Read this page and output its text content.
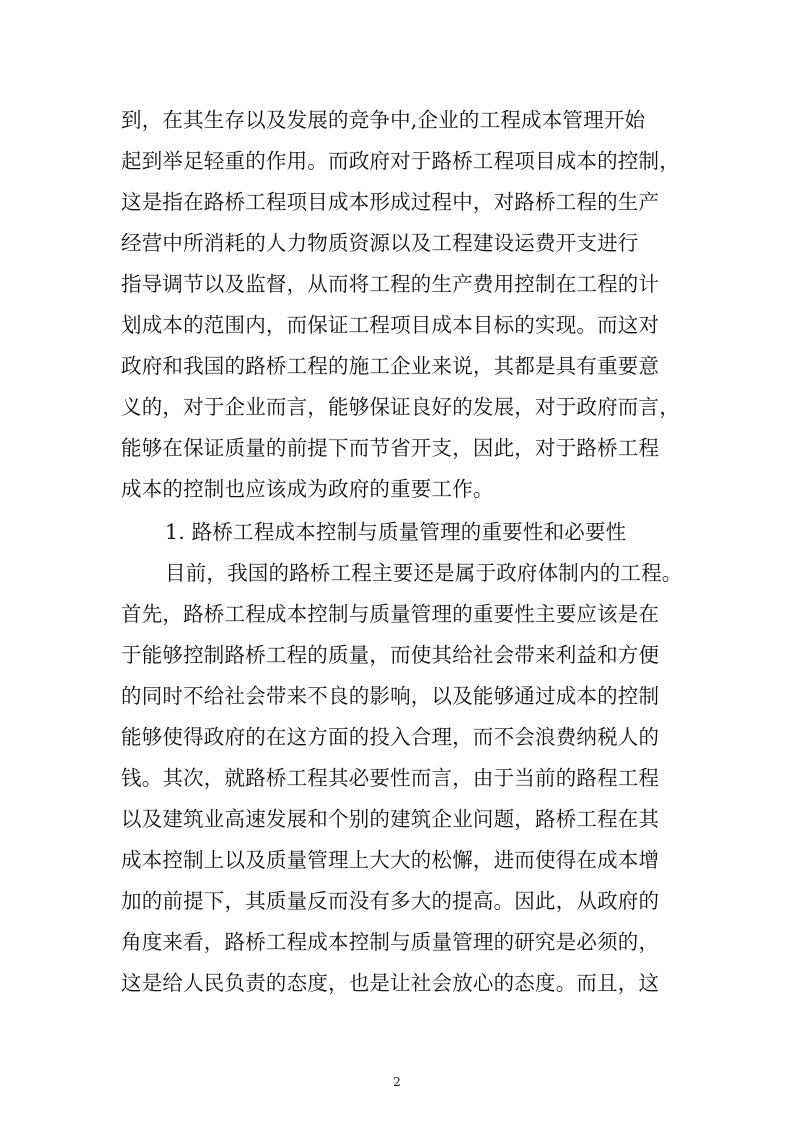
到，在其生存以及发展的竞争中,企业的工程成本管理开始
起到举足轻重的作用。而政府对于路桥工程项目成本的控制，
这是指在路桥工程项目成本形成过程中，对路桥工程的生产
经营中所消耗的人力物质资源以及工程建设运费开支进行
指导调节以及监督，从而将工程的生产费用控制在工程的计
划成本的范围内，而保证工程项目成本目标的实现。而这对
政府和我国的路桥工程的施工企业来说，其都是具有重要意
义的，对于企业而言，能够保证良好的发展，对于政府而言，
能够在保证质量的前提下而节省开支，因此，对于路桥工程
成本的控制也应该成为政府的重要工作。
1. 路桥工程成本控制与质量管理的重要性和必要性
目前，我国的路桥工程主要还是属于政府体制内的工程。
首先，路桥工程成本控制与质量管理的重要性主要应该是在
于能够控制路桥工程的质量，而使其给社会带来利益和方便
的同时不给社会带来不良的影响，以及能够通过成本的控制
能够使得政府的在这方面的投入合理，而不会浪费纳税人的
钱。其次，就路桥工程其必要性而言，由于当前的路程工程
以及建筑业高速发展和个别的建筑企业问题，路桥工程在其
成本控制上以及质量管理上大大的松懈，进而使得在成本增
加的前提下，其质量反而没有多大的提高。因此，从政府的
角度来看，路桥工程成本控制与质量管理的研究是必须的，
这是给人民负责的态度，也是让社会放心的态度。而且，这
2
